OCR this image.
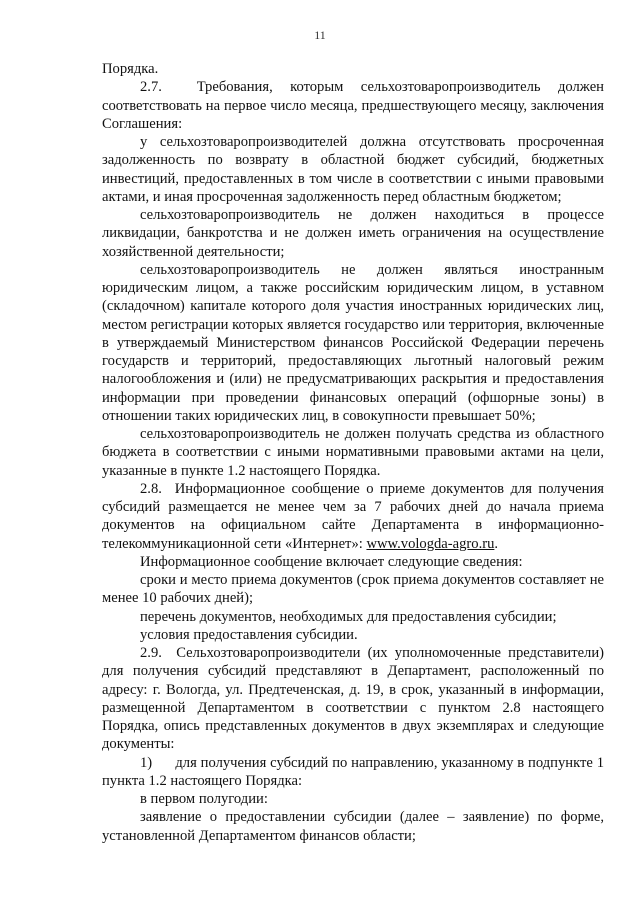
11

Порядка.

2.7.  Требования, которым сельхозтоваропроизводитель должен соответствовать на первое число месяца, предшествующего месяцу, заключения Соглашения:

у сельхозтоваропроизводителей должна отсутствовать просроченная задолженность по возврату в областной бюджет субсидий, бюджетных инвестиций, предоставленных в том числе в соответствии с иными правовыми актами, и иная просроченная задолженность перед областным бюджетом;

сельхозтоваропроизводитель не должен находиться в процессе ликвидации, банкротства и не должен иметь ограничения на осуществление хозяйственной деятельности;

сельхозтоваропроизводитель не должен являться иностранным юридическим лицом, а также российским юридическим лицом, в уставном (складочном) капитале которого доля участия иностранных юридических лиц, местом регистрации которых является государство или территория, включенные в утверждаемый Министерством финансов Российской Федерации перечень государств и территорий, предоставляющих льготный налоговый режим налогообложения и (или) не предусматривающих раскрытия и предоставления информации при проведении финансовых операций (офшорные зоны) в отношении таких юридических лиц, в совокупности превышает 50%;

сельхозтоваропроизводитель не должен получать средства из областного бюджета в соответствии с иными нормативными правовыми актами на цели, указанные в пункте 1.2 настоящего Порядка.

2.8.  Информационное сообщение о приеме документов для получения субсидий размещается не менее чем за 7 рабочих дней до начала приема документов на официальном сайте Департамента в информационно-телекоммуникационной сети «Интернет»: www.vologda-agro.ru.

Информационное сообщение включает следующие сведения:

сроки и место приема документов (срок приема документов составляет не менее 10 рабочих дней);

перечень документов, необходимых для предоставления субсидии;

условия предоставления субсидии.

2.9.  Сельхозтоваропроизводители (их уполномоченные представители) для получения субсидий представляют в Департамент, расположенный по адресу: г. Вологда, ул. Предтеченская, д. 19, в срок, указанный в информации, размещенной Департаментом в соответствии с пунктом 2.8 настоящего Порядка, опись представленных документов в двух экземплярах и следующие документы:

1)      для получения субсидий по направлению, указанному в подпункте 1 пункта 1.2 настоящего Порядка:

в первом полугодии:

заявление о предоставлении субсидии (далее – заявление) по форме, установленной Департаментом финансов области;
